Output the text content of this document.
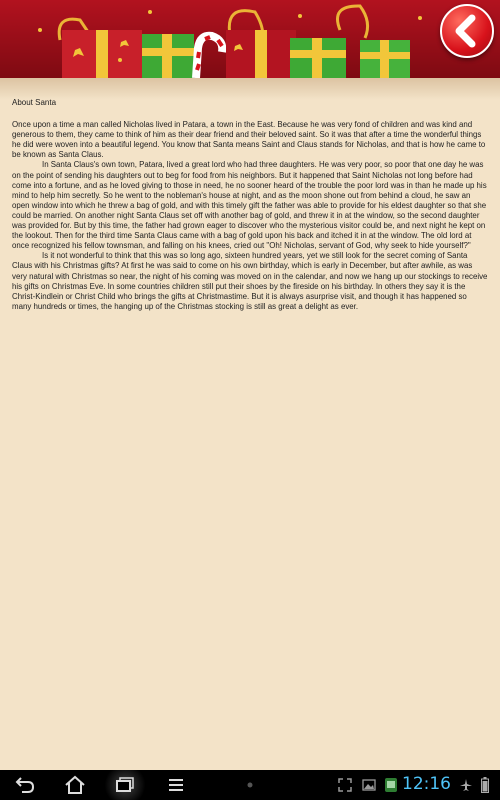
About Santa

Once upon a time a man called Nicholas lived in Patara, a town in the East. Because he was very fond of children and was kind and generous to them, they came to think of him as their dear friend and their beloved saint. So it was that after a time the wonderful things he did were woven into a beautiful legend. You know that Santa means Saint and Claus stands for Nicholas, and that is how he came to be known as Santa Claus.

In Santa Claus's own town, Patara, lived a great lord who had three daughters. He was very poor, so poor that one day he was on the point of sending his daughters out to beg for food from his neighbors. But it happened that Saint Nicholas not long before had come into a fortune, and as he loved giving to those in need, he no sooner heard of the trouble the poor lord was in than he made up his mind to help him secretly. So he went to the nobleman's house at night, and as the moon shone out from behind a cloud, he saw an open window into which he threw a bag of gold, and with this timely gift the father was able to provide for his eldest daughter so that she could be married. On another night Santa Claus set off with another bag of gold, and threw it in at the window, so the second daughter was provided for. But by this time, the father had grown eager to discover who the mysterious visitor could be, and next night he kept on the lookout. Then for the third time Santa Claus came with a bag of gold upon his back and itched it in at the window. The old lord at once recognized his fellow townsman, and falling on his knees, cried out "Oh! Nicholas, servant of God, why seek to hide yourself?"

Is it not wonderful to think that this was so long ago, sixteen hundred years, yet we still look for the secret coming of Santa Claus with his Christmas gifts? At first he was said to come on his own birthday, which is early in December, but after awhile, as was very natural with Christmas so near, the night of his coming was moved on in the calendar, and now we hang up our stockings to receive his gifts on Christmas Eve. In some countries children still put their shoes by the fireside on his birthday. In others they say it is the Christ-Kindlein or Christ Child who brings the gifts at Christmastime. But it is always asurprise visit, and though it has happened so many hundreds or times, the hanging up of the Christmas stocking is still as great a delight as ever.

12:16
